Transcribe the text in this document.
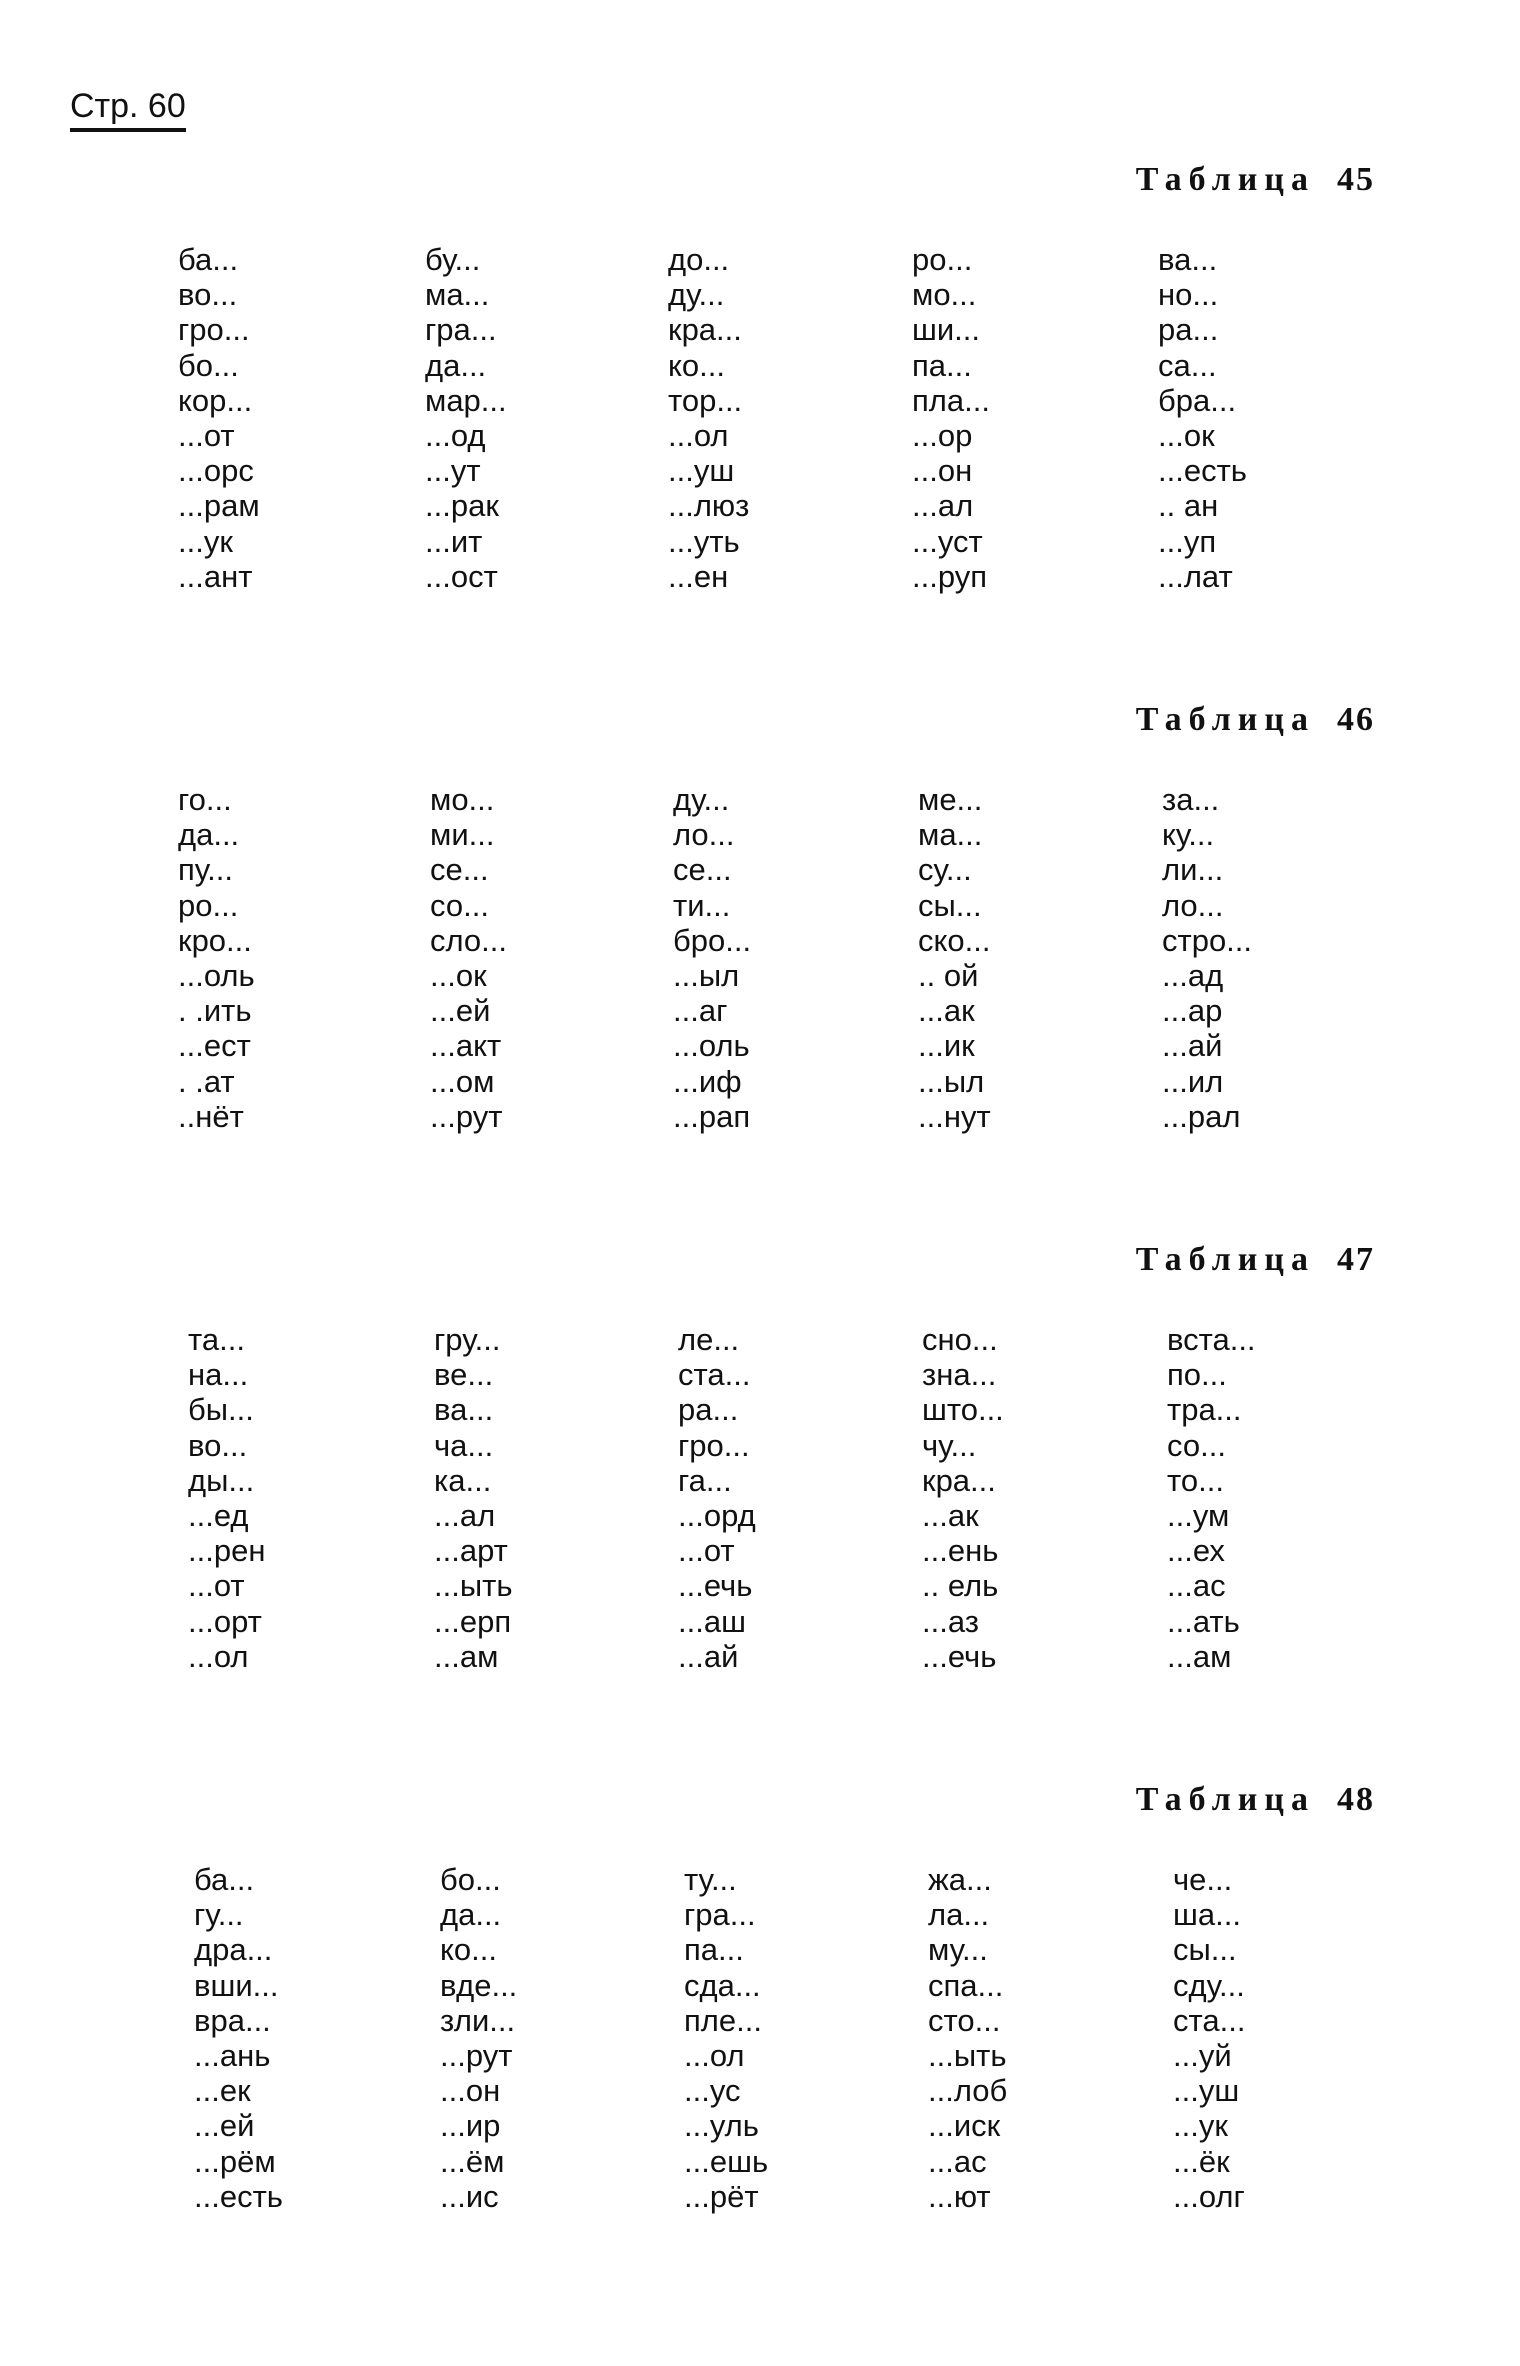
Стр. 60
Таблица 45
ба...
во...
гро...
бо...
кор...
...от
...орс
...рам
...ук
...ант
бу...
ма...
гра...
да...
мар...
...од
...ут
...рак
...ит
...ост
до...
ду...
кра...
ко...
тор...
...ол
...уш
...люз
...уть
...ен
ро...
мо...
ши...
па...
пла...
...ор
...он
...ал
...уст
...руп
ва...
но...
ра...
са...
бра...
...ок
...есть
.. ан
...уп
...лат
Таблица 46
го...
да...
пу...
ро...
кро...
...оль
. .ить
...ест
. .ат
..нёт
мо...
ми...
се...
со...
сло...
...ок
...ей
...акт
...ом
...рут
ду...
ло...
се...
ти...
бро...
...ыл
...аг
...оль
...иф
...рап
ме...
ма...
су...
сы...
ско...
.. ой
...ак
...ик
...ыл
...нут
за...
ку...
ли...
ло...
стро...
...ад
...ар
...ай
...ил
...рал
Таблица 47
та...
на...
бы...
во...
ды...
...ед
...рен
...от
...орт
...ол
гру...
ве...
ва...
ча...
ка...
...ал
...арт
...ыть
...ерп
...ам
ле...
ста...
ра...
гро...
га...
...орд
...от
...ечь
...аш
...ай
сно...
зна...
што...
чу...
кра...
...ак
...ень
.. ель
...аз
...ечь
вста...
по...
тра...
со...
то...
...ум
...ех
...ас
...ать
...ам
Таблица 48
ба...
гу...
дра...
вши...
вра...
...ань
...ек
...ей
...рём
...есть
бо...
да...
ко...
вде...
зли...
...рут
...он
...ир
...ём
...ис
ту...
гра...
па...
сда...
пле...
...ол
...ус
...уль
...ешь
...рёт
жа...
ла...
му...
спа...
сто...
...ыть
...лоб
...иск
...ас
...ют
че...
ша...
сы...
сду...
ста...
...уй
...уш
...ук
...ёк
...олг
